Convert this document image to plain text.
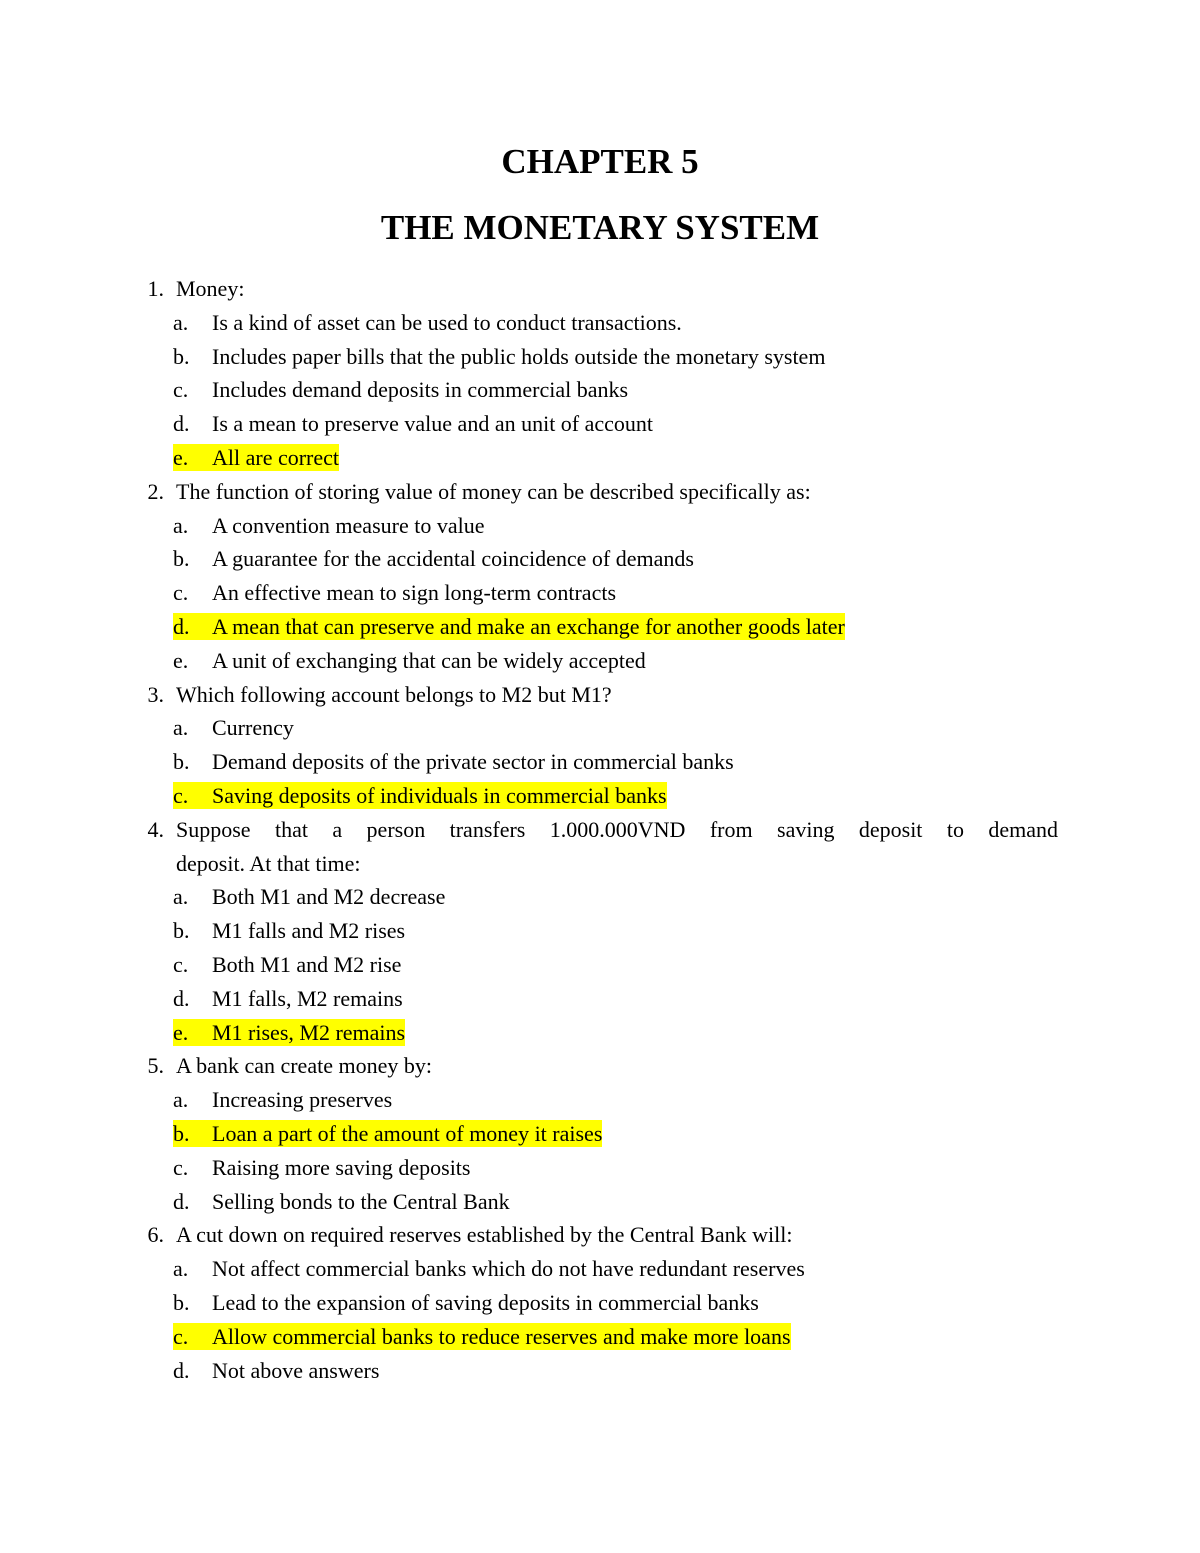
CHAPTER 5
THE MONETARY SYSTEM
1. Money:
a. Is a kind of asset can be used to conduct transactions.
b. Includes paper bills that the public holds outside the monetary system
c. Includes demand deposits in commercial banks
d. Is a mean to preserve value and an unit of account
e. All are correct
2. The function of storing value of money can be described specifically as:
a. A convention measure to value
b. A guarantee for the accidental coincidence of demands
c. An effective mean to sign long-term contracts
d. A mean that can preserve and make an exchange for another goods later
e. A unit of exchanging that can be widely accepted
3. Which following account belongs to M2 but M1?
a. Currency
b. Demand deposits of the private sector in commercial banks
c. Saving deposits of individuals in commercial banks
4. Suppose that a person transfers 1.000.000VND from saving deposit to demand
deposit. At that time:
a. Both M1 and M2 decrease
b. M1 falls and M2 rises
c. Both M1 and M2 rise
d. M1 falls, M2 remains
e. M1 rises, M2 remains
5. A bank can create money by:
a. Increasing preserves
b. Loan a part of the amount of money it raises
c. Raising more saving deposits
d. Selling bonds to the Central Bank
6. A cut down on required reserves established by the Central Bank will:
a. Not affect commercial banks which do not have redundant reserves
b. Lead to the expansion of saving deposits in commercial banks
c. Allow commercial banks to reduce reserves and make more loans
d. Not above answers
